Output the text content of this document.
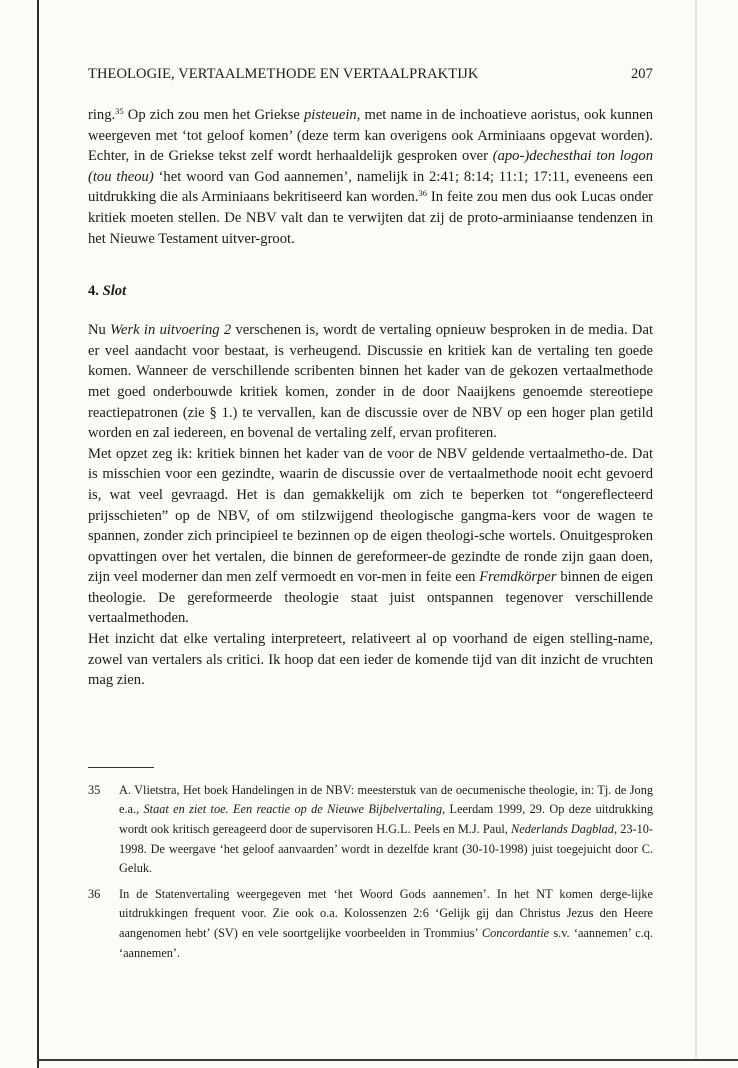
THEOLOGIE, VERTAALMETHODE EN VERTAALPRAKTIJK	207

ring.$^{35}$ Op zich zou men het Griekse pisteuein, met name in de inchoatieve aoristus, ook kunnen weergeven met ‘tot geloof komen’ (deze term kan overigens ook Arminiaans opgevat worden). Echter, in de Griekse tekst zelf wordt herhaaldelijk gesproken over (apo-)dechesthai ton logon (tou theou) ‘het woord van God aannemen’, namelijk in 2:41; 8:14; 11:1; 17:11, eveneens een uitdrukking die als Arminiaans bekritiseerd kan worden.$^{36}$ In feite zou men dus ook Lucas onder kritiek moeten stellen. De NBV valt dan te verwijten dat zij de proto-arminiaanse tendenzen in het Nieuwe Testament uitver-groot.

4. Slot

Nu Werk in uitvoering 2 verschenen is, wordt de vertaling opnieuw besproken in de media. Dat er veel aandacht voor bestaat, is verheugend. Discussie en kritiek kan de vertaling ten goede komen. Wanneer de verschillende scribenten binnen het kader van de gekozen vertaalmethode met goed onderbouwde kritiek komen, zonder in de door Naaijkens genoemde stereotiepe reactiepatronen (zie § 1.) te vervallen, kan de discussie over de NBV op een hoger plan getild worden en zal iedereen, en bovenal de vertaling zelf, ervan profiteren.

Met opzet zeg ik: kritiek binnen het kader van de voor de NBV geldende vertaalmetho-de. Dat is misschien voor een gezindte, waarin de discussie over de vertaalmethode nooit echt gevoerd is, wat veel gevraagd. Het is dan gemakkelijk om zich te beperken tot “ongereflecteerd prijsschieten” op de NBV, of om stilzwijgend theologische gangma-kers voor de wagen te spannen, zonder zich principieel te bezinnen op de eigen theologi-sche wortels. Onuitgesproken opvattingen over het vertalen, die binnen de gereformeer-de gezindte de ronde zijn gaan doen, zijn veel moderner dan men zelf vermoedt en vor-men in feite een Fremdkörper binnen de eigen theologie. De gereformeerde theologie staat juist ontspannen tegenover verschillende vertaalmethoden.

Het inzicht dat elke vertaling interpreteert, relativeert al op voorhand de eigen stelling-name, zowel van vertalers als critici. Ik hoop dat een ieder de komende tijd van dit inzicht de vruchten mag zien.

35	A. Vlietstra, Het boek Handelingen in de NBV: meesterstuk van de oecumenische theologie, in: Tj. de Jong e.a., Staat en ziet toe. Een reactie op de Nieuwe Bijbelvertaling, Leerdam 1999, 29. Op deze uitdrukking wordt ook kritisch gereageerd door de supervisoren H.G.L. Peels en M.J. Paul, Nederlands Dagblad, 23-10-1998. De weergave ‘het geloof aanvaarden’ wordt in dezelfde krant (30-10-1998) juist toegejuicht door C. Geluk.
36	In de Statenvertaling weergegeven met ‘het Woord Gods aannemen’. In het NT komen derge-lijke uitdrukkingen frequent voor. Zie ook o.a. Kolossenzen 2:6 ‘Gelijk gij dan Christus Jezus den Heere aangenomen hebt’ (SV) en vele soortgelijke voorbeelden in Trommius’ Concordantie s.v. ‘aannemen’ c.q. ‘aannemen’.
